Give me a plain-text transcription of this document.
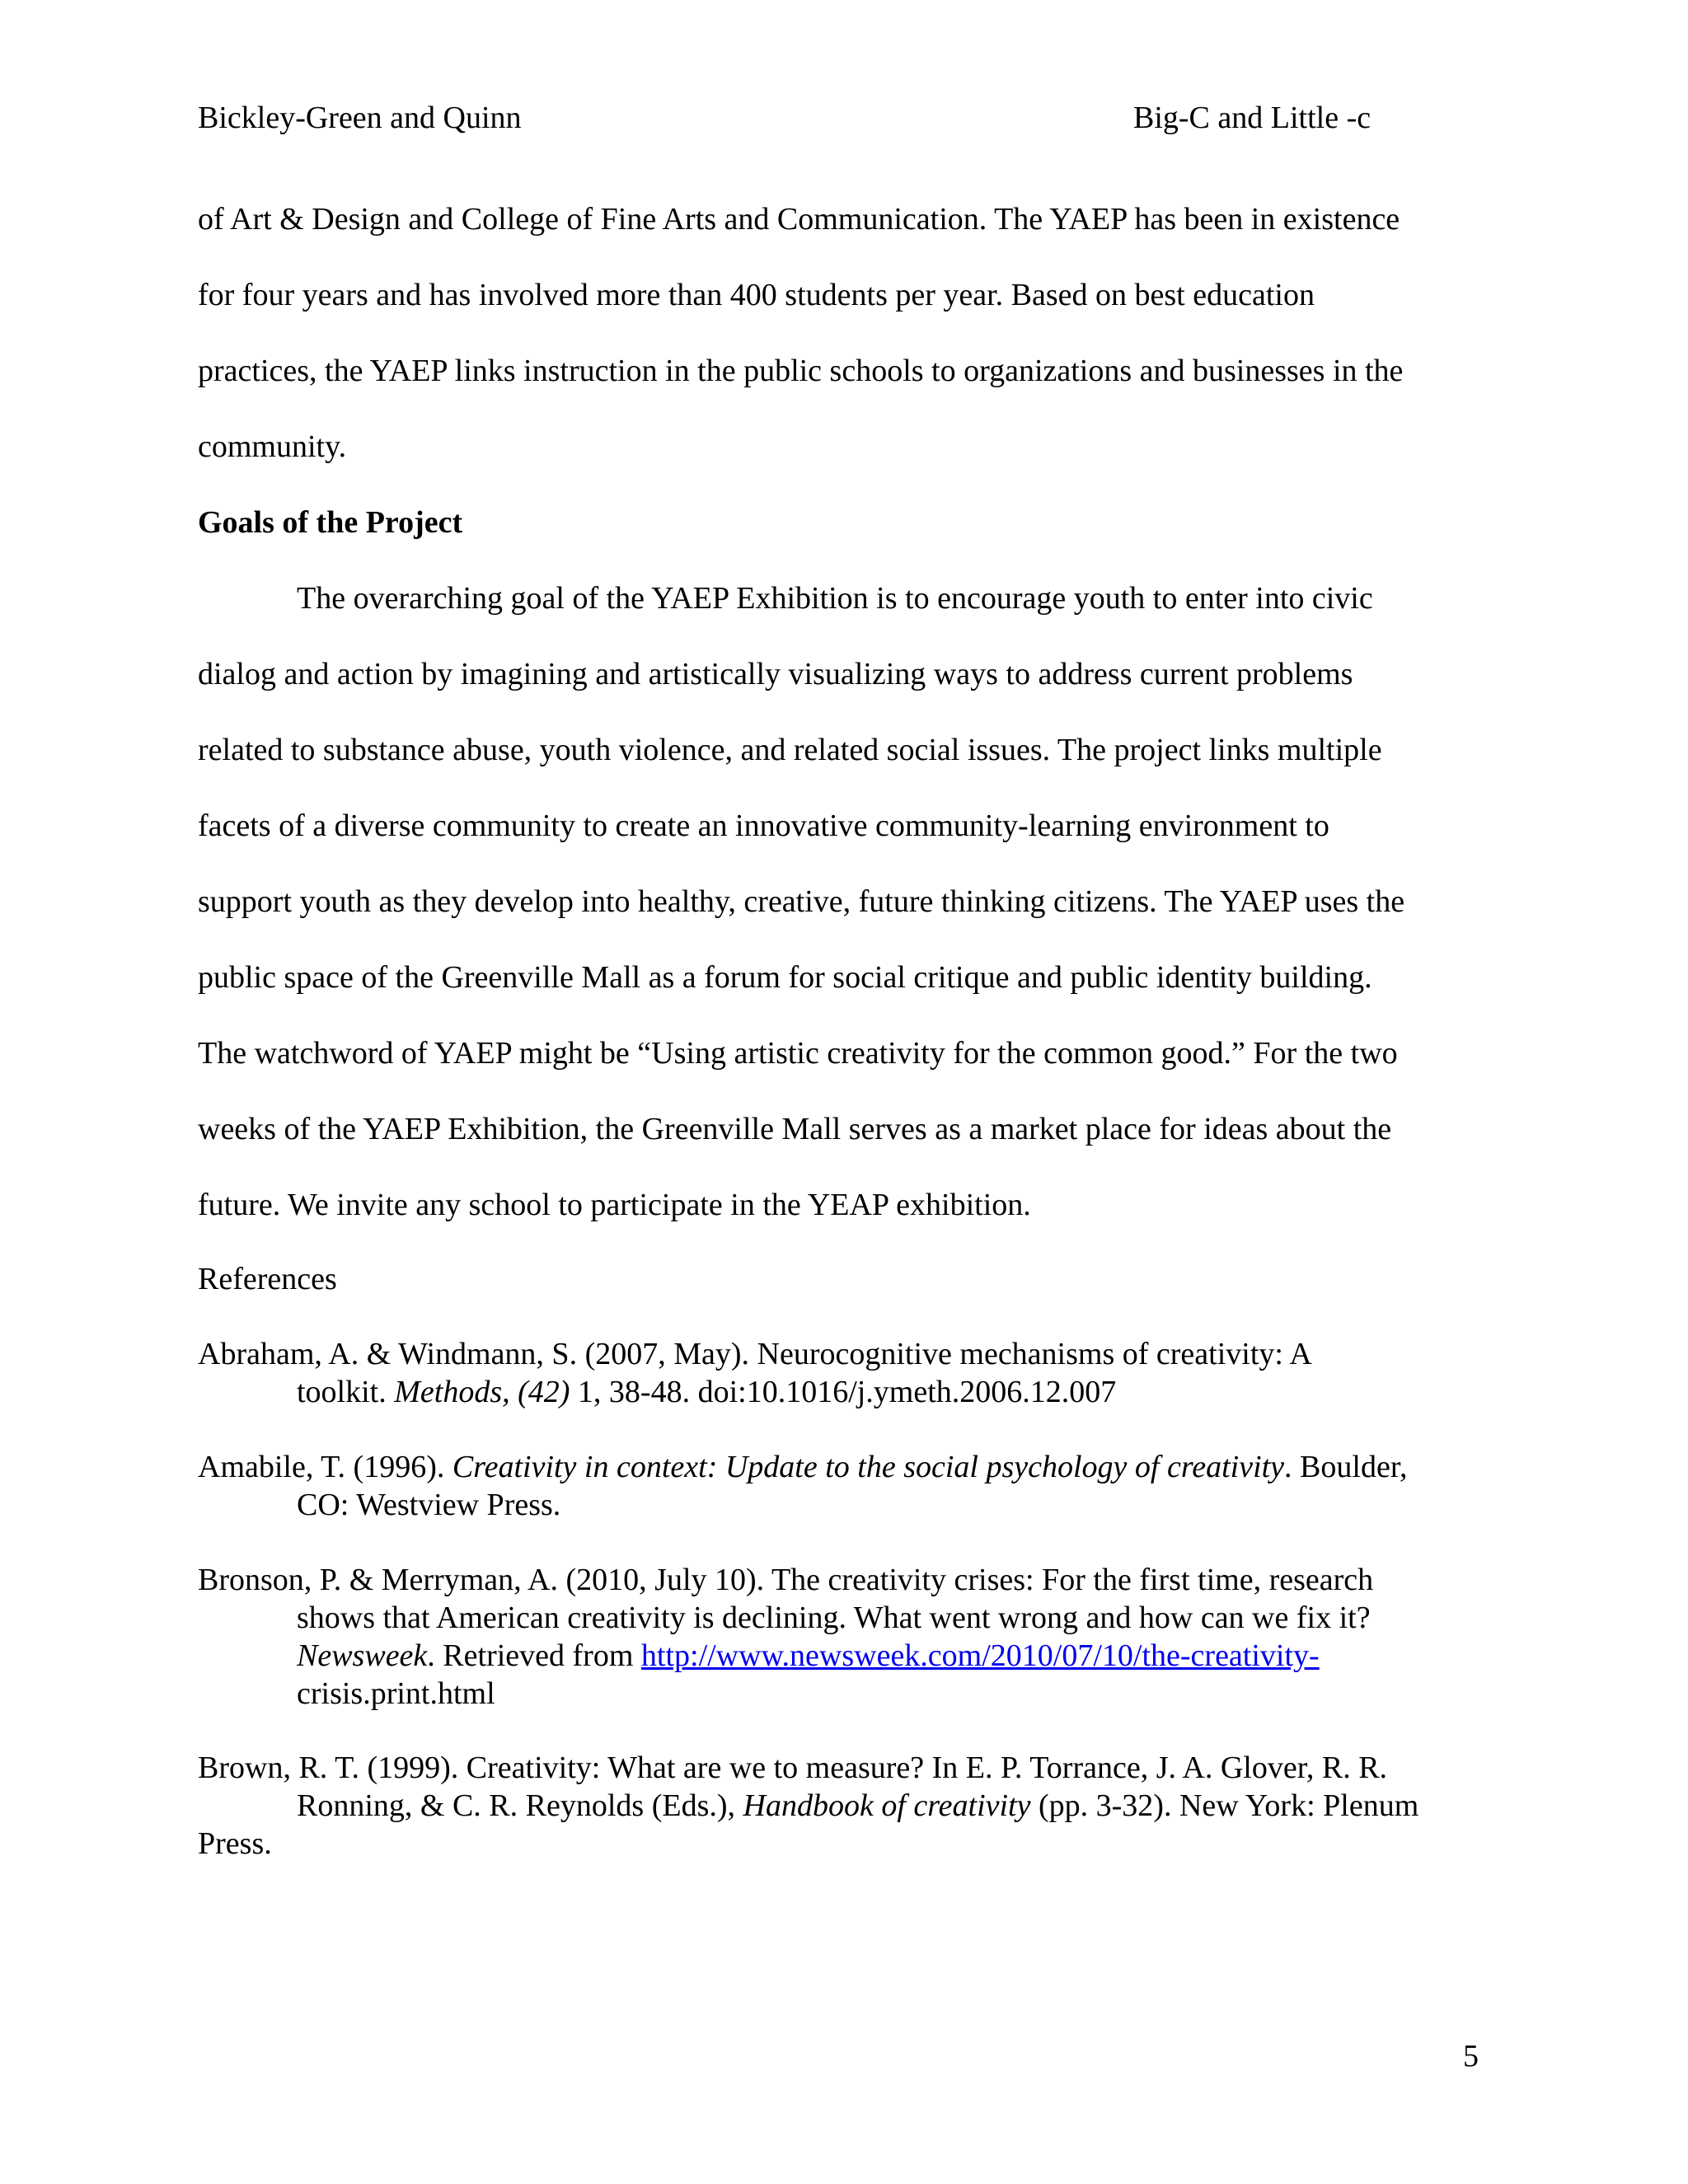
Bickley-Green and Quinn	Big-C and Little -c
of Art & Design and College of Fine Arts and Communication. The YAEP has been in existence
for four years and has involved more than 400 students per year. Based on best education
practices, the YAEP links instruction in the public schools to organizations and businesses in the
community.
Goals of the Project
The overarching goal of the YAEP Exhibition is to encourage youth to enter into civic
dialog and action by imagining and artistically visualizing ways to address current problems
related to substance abuse, youth violence, and related social issues. The project links multiple
facets of a diverse community to create an innovative community-learning environment to
support youth as they develop into healthy, creative, future thinking citizens. The YAEP uses the
public space of the Greenville Mall as a forum for social critique and public identity building.
The watchword of YAEP might be “Using artistic creativity for the common good.” For the two
weeks of the YAEP Exhibition, the Greenville Mall serves as a market place for ideas about the
future. We invite any school to participate in the YEAP exhibition.
References
Abraham, A. & Windmann, S. (2007, May). Neurocognitive mechanisms of creativity: A
toolkit. Methods, (42) 1, 38-48. doi:10.1016/j.ymeth.2006.12.007
Amabile, T. (1996). Creativity in context: Update to the social psychology of creativity. Boulder,
CO: Westview Press.
Bronson, P. & Merryman, A. (2010, July 10). The creativity crises: For the first time, research
shows that American creativity is declining. What went wrong and how can we fix it?
Newsweek. Retrieved from http://www.newsweek.com/2010/07/10/the-creativity-
crisis.print.html
Brown, R. T. (1999). Creativity: What are we to measure? In E. P. Torrance, J. A. Glover, R. R.
Ronning, & C. R. Reynolds (Eds.), Handbook of creativity (pp. 3-32). New York: Plenum
Press.
5
